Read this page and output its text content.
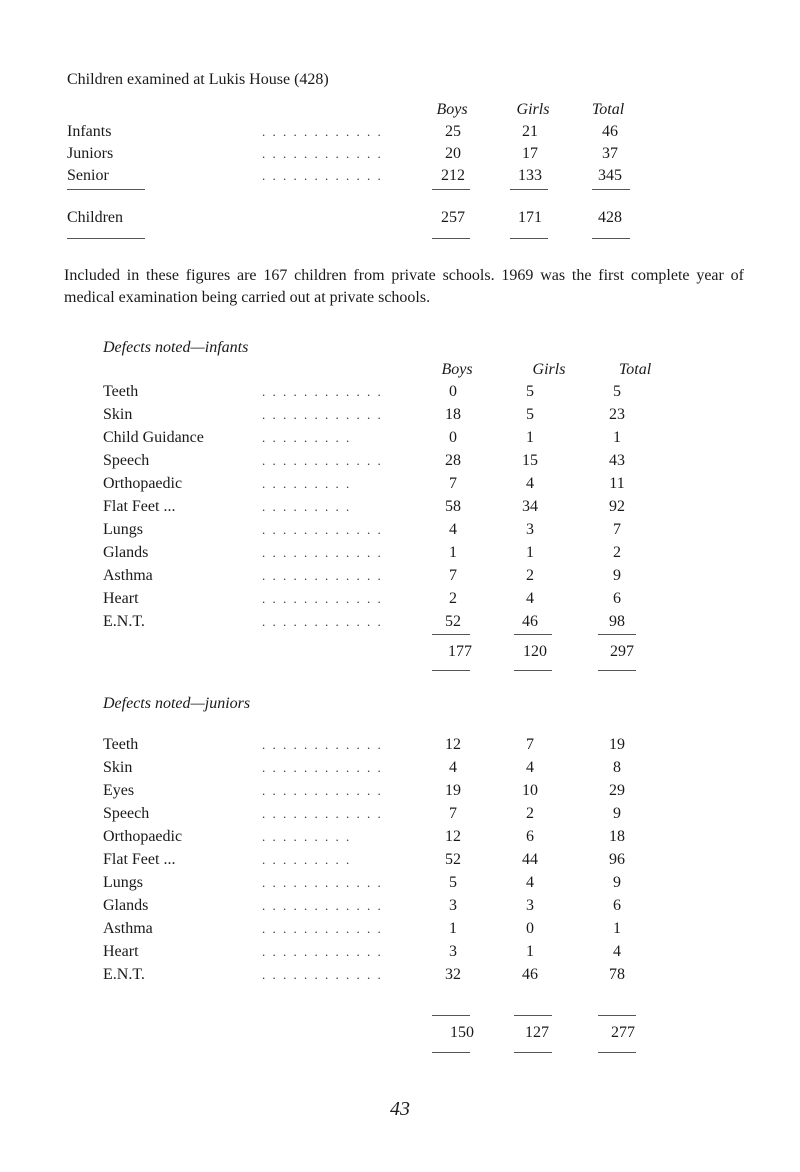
Children examined at Lukis House (428)
Boys	Girls	Total
Infants	. . . . . . . . . . . .	25	21	46
Juniors	. . . . . . . . . . . .	20	17	37
Senior	. . . . . . . . . . . .	212	133	345
Children	257	171	428
Included in these figures are 167 children from private schools. 1969 was the first complete year of medical examination being carried out at private schools.
Defects noted—infants
Boys	Girls	Total
Teeth	. . . . . . . . . . . .	0	5	5
Skin	. . . . . . . . . . . .	18	5	23
Child Guidance	. . . . . . . . .	0	1	1
Speech	. . . . . . . . . . . .	28	15	43
Orthopaedic	. . . . . . . . .	7	4	11
Flat Feet ...	. . . . . . . . .	58	34	92
Lungs	. . . . . . . . . . . .	4	3	7
Glands	. . . . . . . . . . . .	1	1	2
Asthma	. . . . . . . . . . . .	7	2	9
Heart	. . . . . . . . . . . .	2	4	6
E.N.T.	. . . . . . . . . . . .	52	46	98
177	120	297
Defects noted—juniors
Teeth	. . . . . . . . . . . .	12	7	19
Skin	. . . . . . . . . . . .	4	4	8
Eyes	. . . . . . . . . . . .	19	10	29
Speech	. . . . . . . . . . . .	7	2	9
Orthopaedic	. . . . . . . . .	12	6	18
Flat Feet ...	. . . . . . . . .	52	44	96
Lungs	. . . . . . . . . . . .	5	4	9
Glands	. . . . . . . . . . . .	3	3	6
Asthma	. . . . . . . . . . . .	1	0	1
Heart	. . . . . . . . . . . .	3	1	4
E.N.T.	. . . . . . . . . . . .	32	46	78
150	127	277
43
